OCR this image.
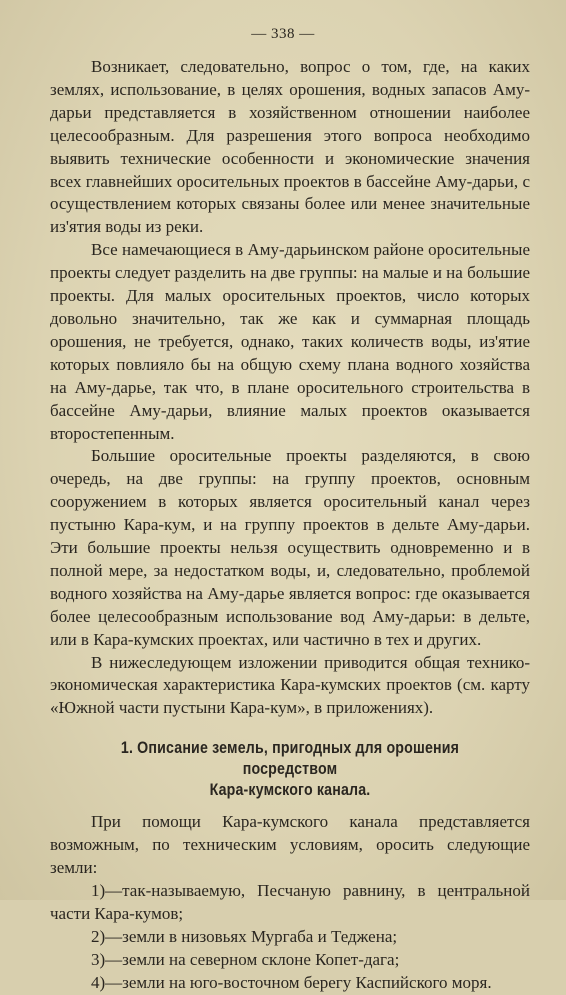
— 338 —

Возникает, следовательно, вопрос о том, где, на каких землях, использование, в целях орошения, водных запасов Аму-дарьи представляется в хозяйственном отношении наиболее целесообразным. Для разрешения этого вопроса необходимо выявить технические особенности и экономические значения всех главнейших оросительных проектов в бассейне Аму-дарьи, с осуществлением которых связаны более или менее значительные из'ятия воды из реки.

Все намечающиеся в Аму-дарьинском районе оросительные проекты следует разделить на две группы: на малые и на большие проекты. Для малых оросительных проектов, число которых довольно значительно, так же как и суммарная площадь орошения, не требуется, однако, таких количеств воды, из'ятие которых повлияло бы на общую схему плана водного хозяйства на Аму-дарье, так что, в плане оросительного строительства в бассейне Аму-дарьи, влияние малых проектов оказывается второстепенным.

Большие оросительные проекты разделяются, в свою очередь, на две группы: на группу проектов, основным сооружением в которых является оросительный канал через пустыню Кара-кум, и на группу проектов в дельте Аму-дарьи. Эти большие проекты нельзя осуществить одновременно и в полной мере, за недостатком воды, и, следовательно, проблемой водного хозяйства на Аму-дарье является вопрос: где оказывается более целесообразным использование вод Аму-дарьи: в дельте, или в Кара-кумских проектах, или частично в тех и других.

В нижеследующем изложении приводится общая технико-экономическая характеристика Кара-кумских проектов (см. карту «Южной части пустыни Кара-кум», в приложениях).

1. Описание земель, пригодных для орошения посредством
Кара-кумского канала.

При помощи Кара-кумского канала представляется возможным, по техническим условиям, оросить следующие земли:

1)—так-называемую, Песчаную равнину, в центральной части Кара-кумов;

2)—земли в низовьях Мургаба и Теджена;

3)—земли на северном склоне Копет-дага;

4)—земли на юго-восточном берегу Каспийского моря.
